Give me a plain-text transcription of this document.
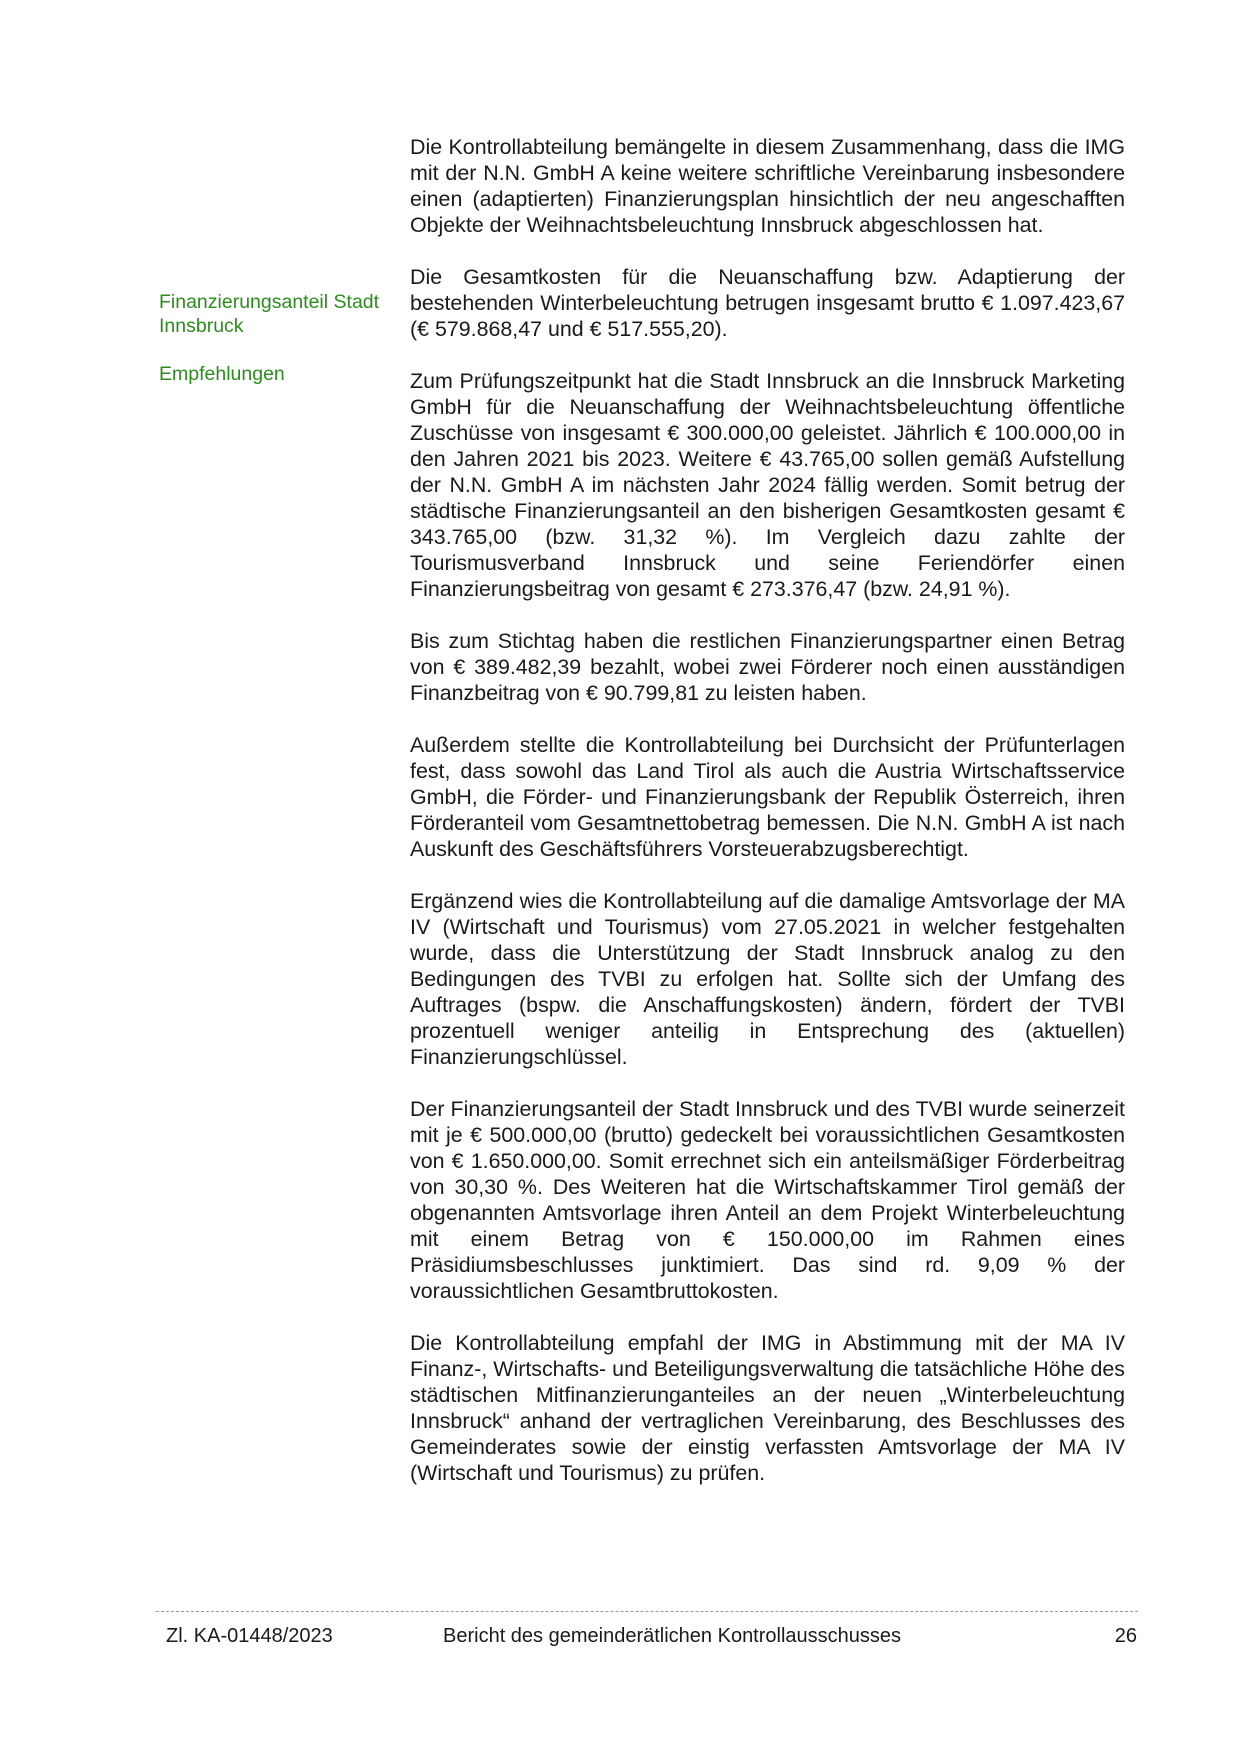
Finanzierungsanteil Stadt Innsbruck
Empfehlungen

Die Kontrollabteilung bemängelte in diesem Zusammenhang, dass die IMG mit der N.N. GmbH A keine weitere schriftliche Vereinbarung insbesondere einen (adaptierten) Finanzierungsplan hinsichtlich der neu angeschafften Objekte der Weihnachtsbeleuchtung Innsbruck abgeschlossen hat.

Die Gesamtkosten für die Neuanschaffung bzw. Adaptierung der bestehenden Winterbeleuchtung betrugen insgesamt brutto € 1.097.423,67 (€ 579.868,47 und € 517.555,20).

Zum Prüfungszeitpunkt hat die Stadt Innsbruck an die Innsbruck Marketing GmbH für die Neuanschaffung der Weihnachtsbeleuchtung öffentliche Zuschüsse von insgesamt € 300.000,00 geleistet. Jährlich € 100.000,00 in den Jahren 2021 bis 2023. Weitere € 43.765,00 sollen gemäß Aufstellung der N.N. GmbH A im nächsten Jahr 2024 fällig werden. Somit betrug der städtische Finanzierungsanteil an den bisherigen Gesamtkosten gesamt € 343.765,00 (bzw. 31,32 %). Im Vergleich dazu zahlte der Tourismusverband Innsbruck und seine Feriendörfer einen Finanzierungsbeitrag von gesamt € 273.376,47 (bzw. 24,91 %).

Bis zum Stichtag haben die restlichen Finanzierungspartner einen Betrag von € 389.482,39 bezahlt, wobei zwei Förderer noch einen ausständigen Finanzbeitrag von € 90.799,81 zu leisten haben.

Außerdem stellte die Kontrollabteilung bei Durchsicht der Prüfunterlagen fest, dass sowohl das Land Tirol als auch die Austria Wirtschaftsservice GmbH, die Förder- und Finanzierungsbank der Republik Österreich, ihren Förderanteil vom Gesamtnettobetrag bemessen. Die N.N. GmbH A ist nach Auskunft des Geschäftsführers Vorsteuerabzugsberechtigt.

Ergänzend wies die Kontrollabteilung auf die damalige Amtsvorlage der MA IV (Wirtschaft und Tourismus) vom 27.05.2021 in welcher festgehalten wurde, dass die Unterstützung der Stadt Innsbruck analog zu den Bedingungen des TVBI zu erfolgen hat. Sollte sich der Umfang des Auftrages (bspw. die Anschaffungskosten) ändern, fördert der TVBI prozentuell weniger anteilig in Entsprechung des (aktuellen) Finanzierungschlüssel.

Der Finanzierungsanteil der Stadt Innsbruck und des TVBI wurde seinerzeit mit je € 500.000,00 (brutto) gedeckelt bei voraussichtlichen Gesamtkosten von € 1.650.000,00. Somit errechnet sich ein anteilsmäßiger Förderbeitrag von 30,30 %. Des Weiteren hat die Wirtschaftskammer Tirol gemäß der obgenannten Amtsvorlage ihren Anteil an dem Projekt Winterbeleuchtung mit einem Betrag von € 150.000,00 im Rahmen eines Präsidiumsbeschlusses junktimiert. Das sind rd. 9,09 % der voraussichtlichen Gesamtbruttokosten.

Die Kontrollabteilung empfahl der IMG in Abstimmung mit der MA IV Finanz-, Wirtschafts- und Beteiligungsverwaltung die tatsächliche Höhe des städtischen Mitfinanzierunganteiles an der neuen „Winterbeleuchtung Innsbruck“ anhand der vertraglichen Vereinbarung, des Beschlusses des Gemeinderates sowie der einstig verfassten Amtsvorlage der MA IV (Wirtschaft und Tourismus) zu prüfen.

Zl. KA-01448/2023	Bericht des gemeinderätlichen Kontrollausschusses	26
